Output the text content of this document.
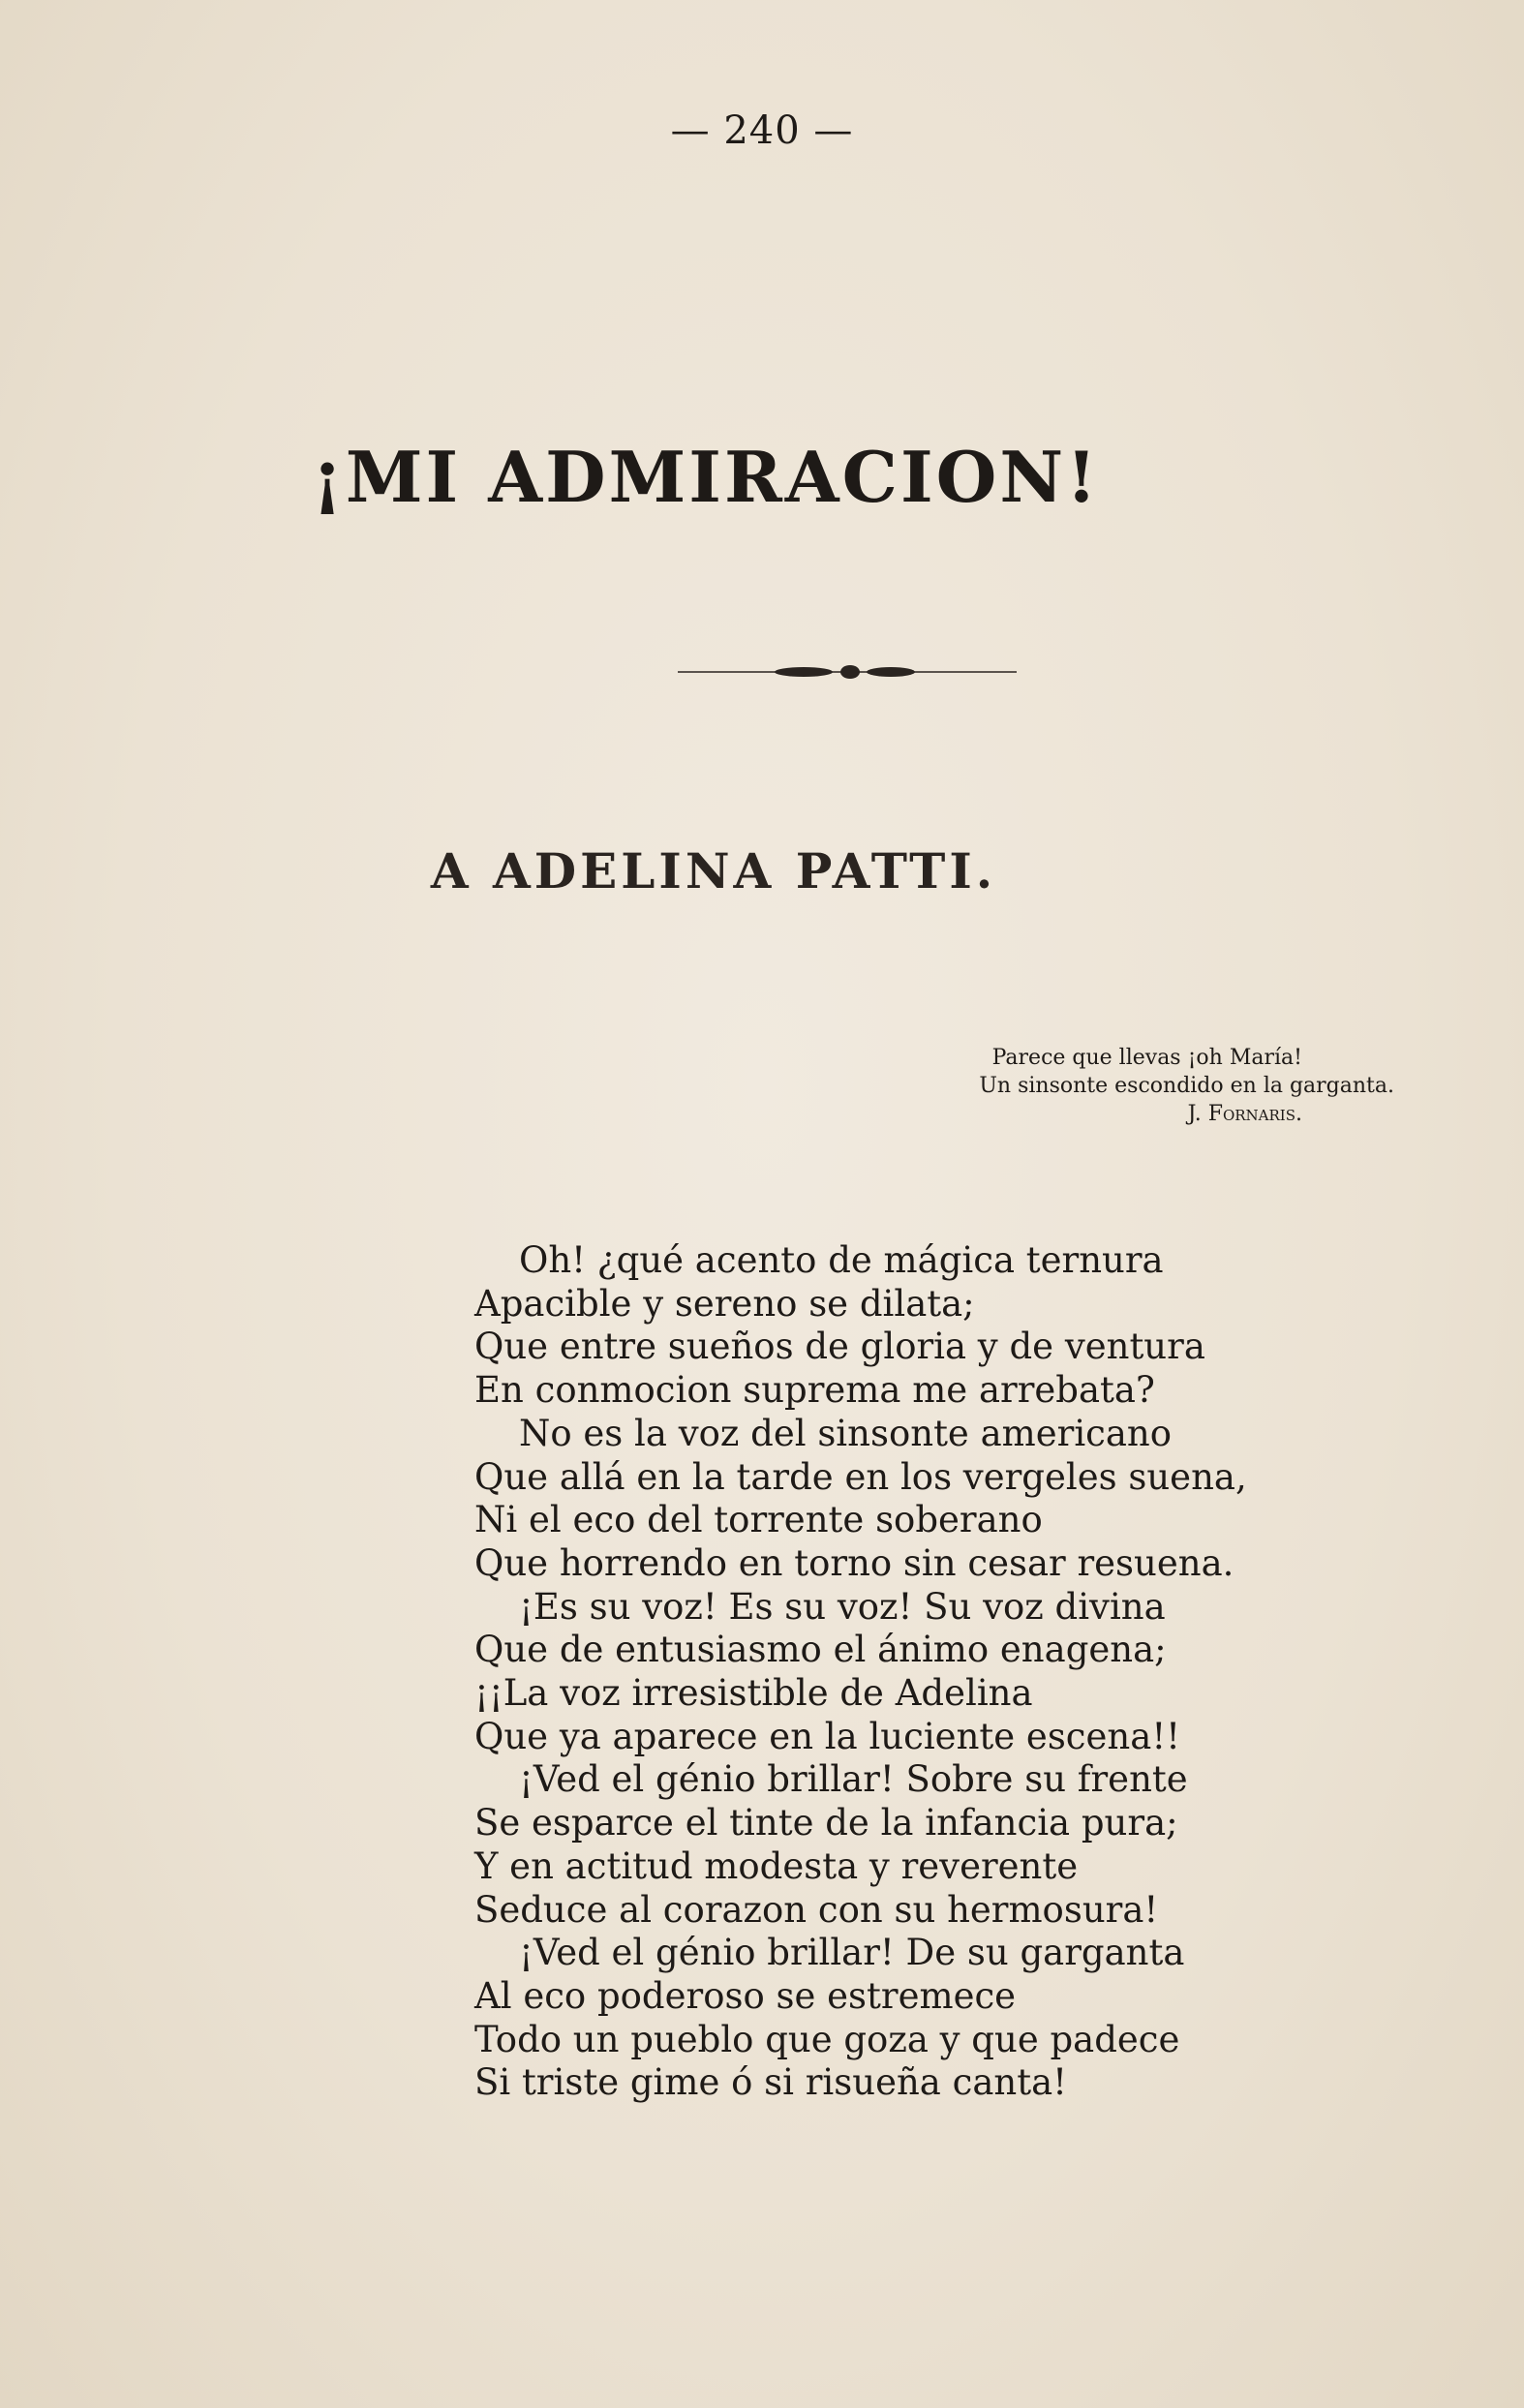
— 240 —
¡MI ADMIRACION!
A ADELINA PATTI.
Parece que llevas ¡oh María!
Un sinsonte escondido en la garganta.
J. Fornaris.
Oh! ¿qué acento de mágica ternura
Apacible y sereno se dilata;
Que entre sueños de gloria y de ventura
En conmocion suprema me arrebata?
No es la voz del sinsonte americano
Que allá en la tarde en los vergeles suena,
Ni el eco del torrente soberano
Que horrendo en torno sin cesar resuena.
¡Es su voz! Es su voz! Su voz divina
Que de entusiasmo el ánimo enagena;
¡¡La voz irresistible de Adelina
Que ya aparece en la luciente escena!!
¡Ved el génio brillar! Sobre su frente
Se esparce el tinte de la infancia pura;
Y en actitud modesta y reverente
Seduce al corazon con su hermosura!
¡Ved el génio brillar! De su garganta
Al eco poderoso se estremece
Todo un pueblo que goza y que padece
Si triste gime ó si risueña canta!
